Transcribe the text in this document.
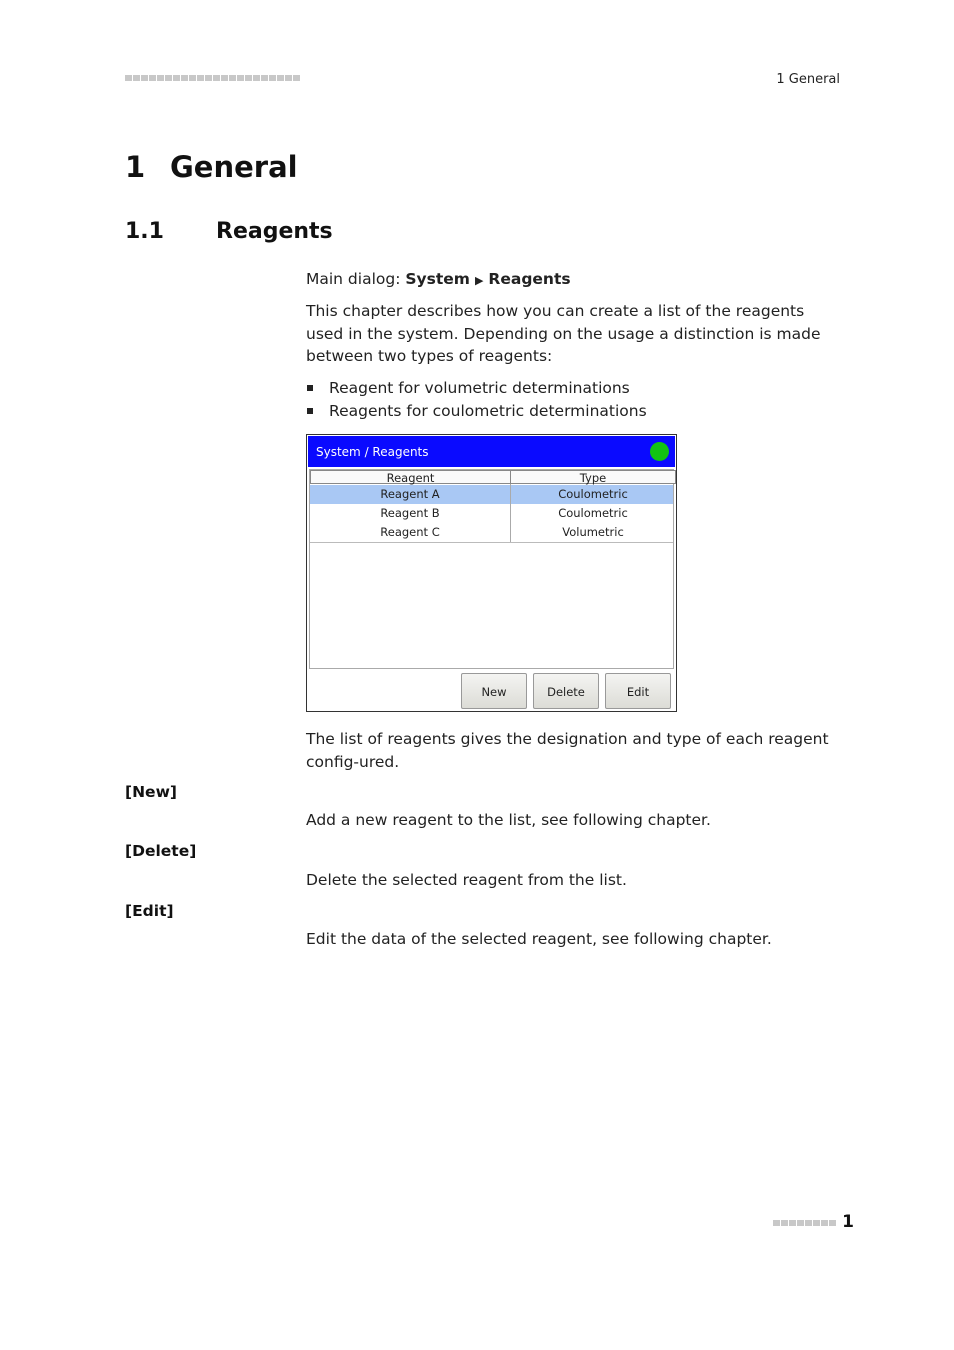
1 General
1 General
1.1 Reagents
Main dialog: System ▶ Reagents
This chapter describes how you can create a list of the reagents used in the system. Depending on the usage a distinction is made between two types of reagents:
Reagent for volumetric determinations
Reagents for coulometric determinations
System / Reagents
Reagent	Type
Reagent A	Coulometric
Reagent B	Coulometric
Reagent C	Volumetric
New	Delete	Edit
The list of reagents gives the designation and type of each reagent config-ured.
[New]
Add a new reagent to the list, see following chapter.
[Delete]
Delete the selected reagent from the list.
[Edit]
Edit the data of the selected reagent, see following chapter.
1
